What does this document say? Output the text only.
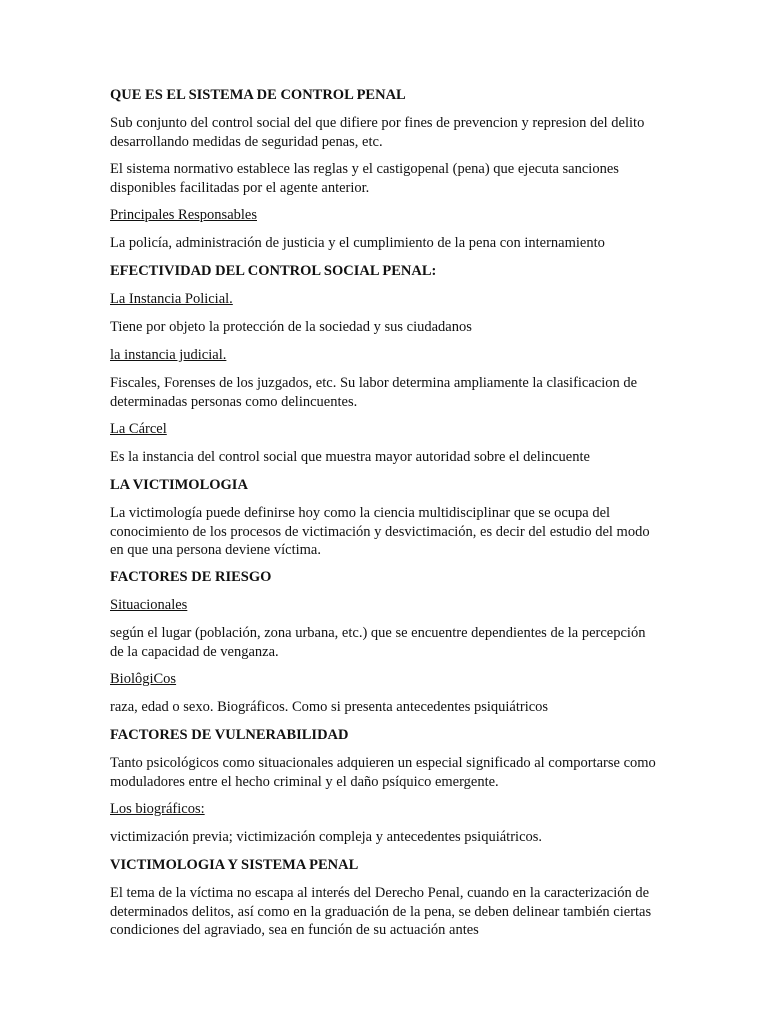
QUE ES EL SISTEMA DE CONTROL PENAL

Sub conjunto del control social del que difiere por fines de prevencion y represion del delito desarrollando medidas de seguridad penas, etc.

El sistema normativo establece las reglas y el castigopenal (pena) que ejecuta sanciones disponibles facilitadas por el agente anterior.

Principales Responsables

La policía, administración de justicia y el cumplimiento de la pena con internamiento

EFECTIVIDAD DEL CONTROL SOCIAL PENAL:

La Instancia Policial.

Tiene por objeto la protección de la sociedad y sus ciudadanos

la instancia judicial.

Fiscales, Forenses de los juzgados, etc. Su labor determina ampliamente la clasificacion de determinadas personas como delincuentes.

La Cárcel

Es la instancia del control social que muestra mayor autoridad sobre el delincuente

LA VICTIMOLOGIA

La victimología puede definirse hoy como la ciencia multidisciplinar que se ocupa del conocimiento de los procesos de victimación y desvictimación, es decir del estudio del modo en que una persona deviene víctima.

FACTORES DE RIESGO

Situacionales

según el lugar (población, zona urbana, etc.) que se encuentre dependientes de la percepción de la capacidad de venganza.

BiolôgiCos

raza, edad o sexo. Biográficos. Como si presenta antecedentes psiquiátricos

FACTORES DE VULNERABILIDAD

Tanto psicológicos como situacionales adquieren un especial significado al comportarse como moduladores entre el hecho criminal y el daño psíquico emergente.

Los biográficos:

victimización previa; victimización compleja y antecedentes psiquiátricos.

VICTIMOLOGIA Y SISTEMA PENAL

El tema de la víctima no escapa al interés del Derecho Penal, cuando en la caracterización de determinados delitos, así como en la graduación de la pena, se deben delinear también ciertas condiciones del agraviado, sea en función de su actuación antes
